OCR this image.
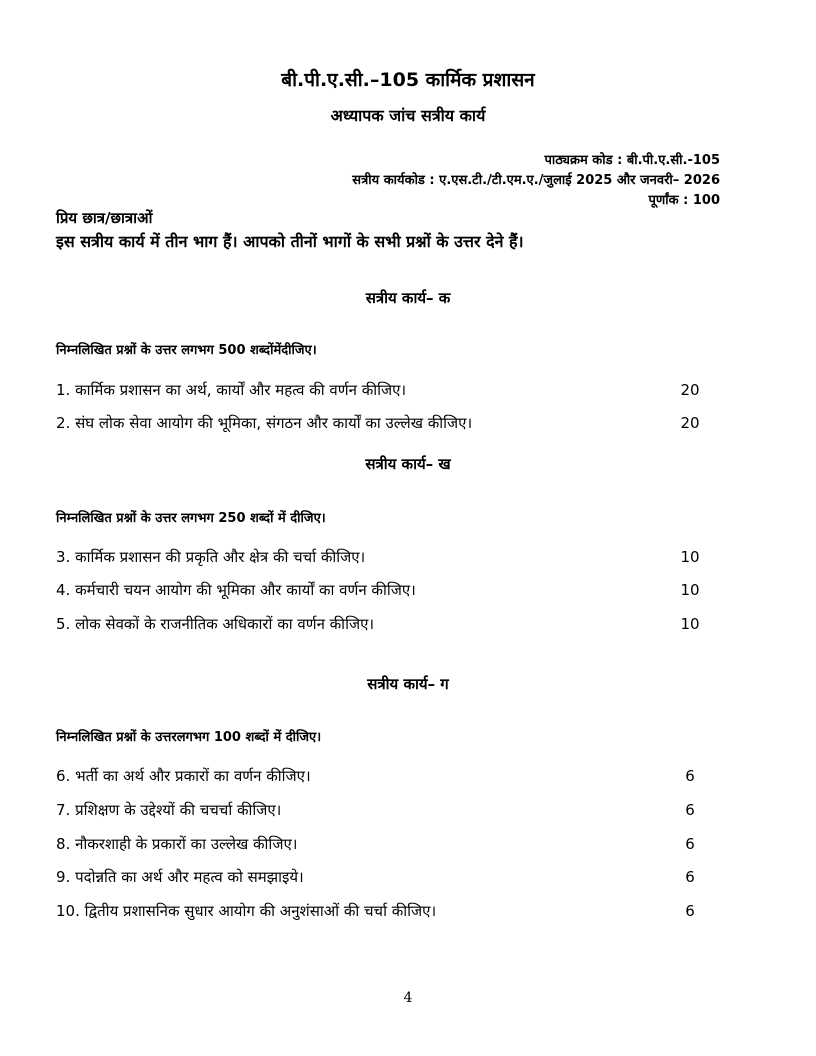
बी.पी.ए.सी.–105 कार्मिक प्रशासन
अध्यापक जांच सत्रीय कार्य
पाठ्यक्रम कोड : बी.पी.ए.सी.-105
सत्रीय कार्यकोड : ए.एस.टी./टी.एम.ए./जुलाई 2025 और जनवरी– 2026
पूर्णांक : 100
प्रिय छात्र/छात्राओं
इस सत्रीय कार्य में तीन भाग हैं। आपको तीनों भागों के सभी प्रश्नों के उत्तर देने हैं।
सत्रीय कार्य– क
निम्नलिखित प्रश्नों के उत्तर लगभग 500 शब्दोंमेंदीजिए।
1. कार्मिक प्रशासन का अर्थ, कार्यों और महत्व की वर्णन कीजिए।	20
2. संघ लोक सेवा आयोग की भूमिका, संगठन और कार्यों का उल्लेख कीजिए।	20
सत्रीय कार्य– ख
निम्नलिखित प्रश्नों के उत्तर लगभग 250 शब्दों में दीजिए।
3. कार्मिक प्रशासन की प्रकृति और क्षेत्र की चर्चा कीजिए।	10
4. कर्मचारी चयन आयोग की भूमिका और कार्यों का वर्णन कीजिए।	10
5. लोक सेवकों के राजनीतिक अधिकारों का वर्णन कीजिए।	10
सत्रीय कार्य– ग
निम्नलिखित प्रश्नों के उत्तरलगभग 100 शब्दों में दीजिए।
6. भर्ती का अर्थ और प्रकारों का वर्णन कीजिए।	6
7. प्रशिक्षण के उद्देश्यों की चचर्चा कीजिए।	6
8. नौकरशाही के प्रकारों का उल्लेख कीजिए।	6
9. पदोन्नति का अर्थ और महत्व को समझाइये।	6
10. द्वितीय प्रशासनिक सुधार आयोग की अनुशंसाओं की चर्चा कीजिए।	6
4
